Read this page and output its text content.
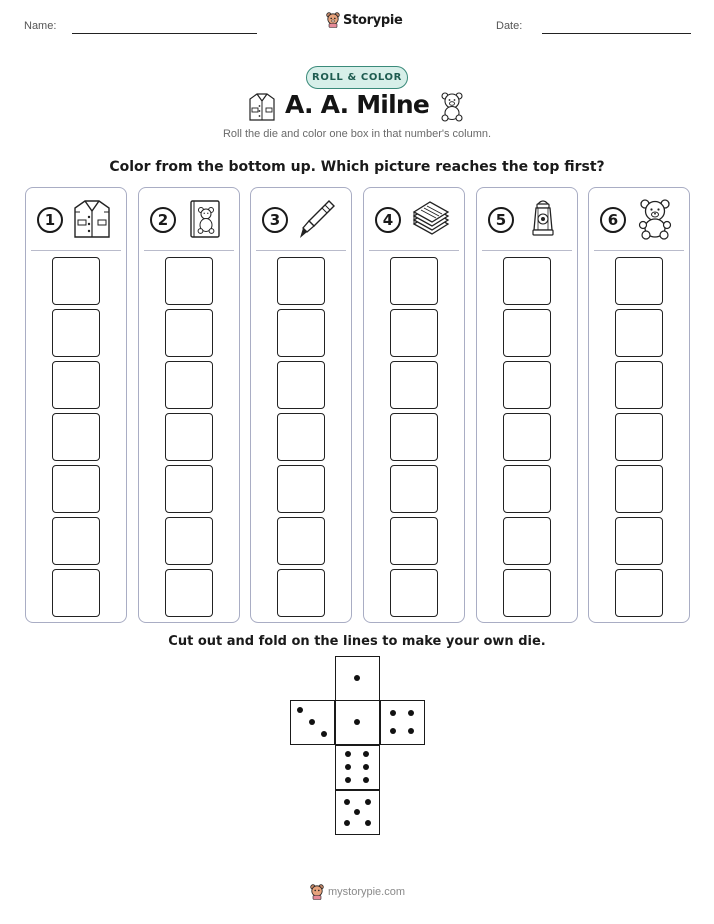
Name:	Storypie	Date:
ROLL & COLOR
A. A. Milne
Roll the die and color one box in that number's column.
Color from the bottom up. Which picture reaches the top first?
1	2	3	4	5	6
Cut out and fold on the lines to make your own die.
mystorypie.com
